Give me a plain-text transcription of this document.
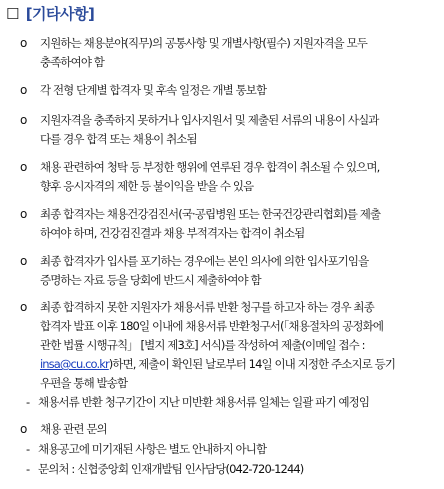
☐ [기타사항]
o 지원하는 채용분야(직무)의 공통사항 및 개별사항(필수) 지원자격을 모두
충족하여야 함
o 각 전형 단계별 합격자 및 후속 일정은 개별 통보함
o 지원자격을 충족하지 못하거나 입사지원서 및 제출된 서류의 내용이 사실과
다를 경우 합격 또는 채용이 취소됨
o 채용 관련하여 청탁 등 부정한 행위에 연루된 경우 합격이 취소될 수 있으며,
향후 응시자격의 제한 등 불이익을 받을 수 있음
o 최종 합격자는 채용건강검진서(국·공립병원 또는 한국건강관리협회)를 제출
하여야 하며, 건강검진결과 채용 부적격자는 합격이 취소됨
o 최종 합격자가 입사를 포기하는 경우에는 본인 의사에 의한 입사포기임을
증명하는 자료 등을 당회에 반드시 제출하여야 함
o 최종 합격하지 못한 지원자가 채용서류 반환 청구를 하고자 하는 경우 최종
합격자 발표 이후 180일 이내에 채용서류 반환청구서(「채용절차의 공정화에
관한 법률 시행규칙」 [별지 제3호] 서식)를 작성하여 제출(이메일 접수 :
insa@cu.co.kr)하면, 제출이 확인된 날로부터 14일 이내 지정한 주소지로 등기
우편을 통해 발송함
- 채용서류 반환 청구기간이 지난 미반환 채용서류 일체는 일괄 파기 예정임
o 채용 관련 문의
- 채용공고에 미기재된 사항은 별도 안내하지 아니함
- 문의처 : 신협중앙회 인재개발팀 인사담당(042-720-1244)
